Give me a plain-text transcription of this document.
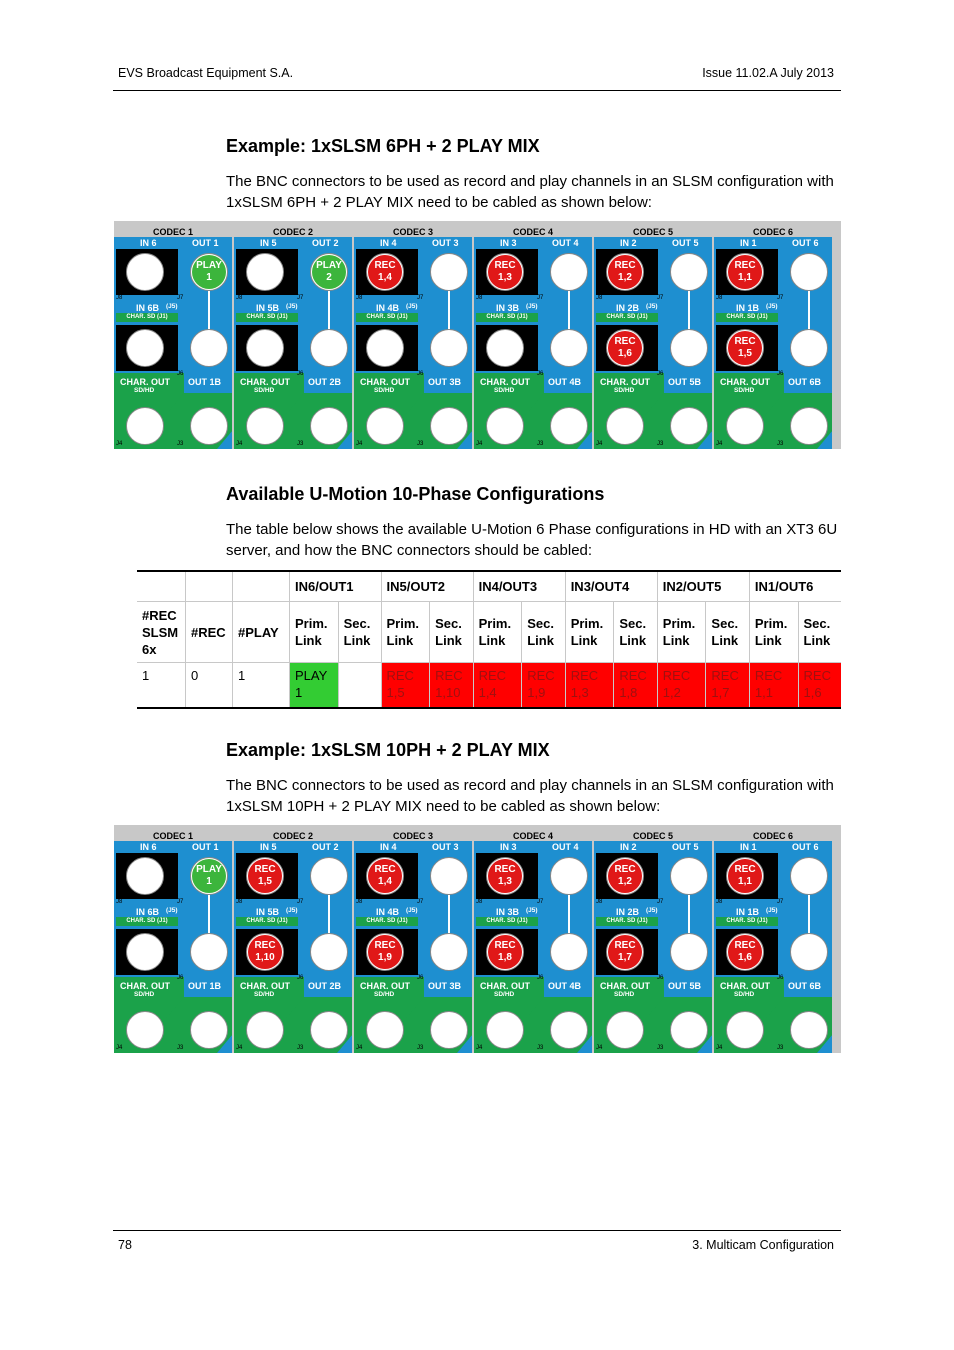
EVS Broadcast Equipment S.A.	Issue 11.02.A July 2013
Example: 1xSLSM 6PH + 2 PLAY MIX

The BNC connectors to be used as record and play channels in an SLSM configuration with 1xSLSM 6PH + 2 PLAY MIX need to be cabled as shown below:

CODEC 1
IN 6	OUT 1
J8	J7
IN 6B (J5)
CHAR. SD (J1)
J6
CHAR. OUT
SD/HD
OUT 1B
J4	J3
PLAY
1
CODEC 2
IN 5	OUT 2
J8	J7
IN 5B (J5)
CHAR. SD (J1)
J6
CHAR. OUT
SD/HD
OUT 2B
J4	J3
PLAY
2
CODEC 3
IN 4	OUT 3
J8	J7
IN 4B (J5)
CHAR. SD (J1)
J6
CHAR. OUT
SD/HD
OUT 3B
J4	J3
REC
1,4
CODEC 4
IN 3	OUT 4
J8	J7
IN 3B (J5)
CHAR. SD (J1)
J6
CHAR. OUT
SD/HD
OUT 4B
J4	J3
REC
1,3
CODEC 5
IN 2	OUT 5
J8	J7
IN 2B (J5)
CHAR. SD (J1)
J6
CHAR. OUT
SD/HD
OUT 5B
J4	J3
REC
1,2
REC
1,6
CODEC 6
IN 1	OUT 6
J8	J7
IN 1B (J5)
CHAR. SD (J1)
J6
CHAR. OUT
SD/HD
OUT 6B
J4	J3
REC
1,1
REC
1,5
Available U-Motion 10-Phase Configurations

The table below shows the available U-Motion 6 Phase configurations in HD with an XT3 6U server, and how the BNC connectors should be cabled:

			IN6/OUT1		IN5/OUT2		IN4/OUT3		IN3/OUT4		IN2/OUT5		IN1/OUT6	
#REC SLSM 6x	#REC	#PLAY	Prim. Link	Sec. Link	Prim. Link	Sec. Link	Prim. Link	Sec. Link	Prim. Link	Sec. Link	Prim. Link	Sec. Link	Prim. Link	Sec. Link
1	0	1	PLAY 1		REC 1,5	REC 1,10	REC 1,4	REC 1,9	REC 1,3	REC 1,8	REC 1,2	REC 1,7	REC 1,1	REC 1,6
Example: 1xSLSM 10PH + 2 PLAY MIX

The BNC connectors to be used as record and play channels in an SLSM configuration with 1xSLSM 10PH + 2 PLAY MIX need to be cabled as shown below:

CODEC 1
IN 6	OUT 1
J8	J7
IN 6B (J5)
CHAR. SD (J1)
J6
CHAR. OUT
SD/HD
OUT 1B
J4	J3
PLAY
1
CODEC 2
IN 5	OUT 2
J8	J7
IN 5B (J5)
CHAR. SD (J1)
J6
CHAR. OUT
SD/HD
OUT 2B
J4	J3
REC
1,5
REC
1,10
CODEC 3
IN 4	OUT 3
J8	J7
IN 4B (J5)
CHAR. SD (J1)
J6
CHAR. OUT
SD/HD
OUT 3B
J4	J3
REC
1,4
REC
1,9
CODEC 4
IN 3	OUT 4
J8	J7
IN 3B (J5)
CHAR. SD (J1)
J6
CHAR. OUT
SD/HD
OUT 4B
J4	J3
REC
1,3
REC
1,8
CODEC 5
IN 2	OUT 5
J8	J7
IN 2B (J5)
CHAR. SD (J1)
J6
CHAR. OUT
SD/HD
OUT 5B
J4	J3
REC
1,2
REC
1,7
CODEC 6
IN 1	OUT 6
J8	J7
IN 1B (J5)
CHAR. SD (J1)
J6
CHAR. OUT
SD/HD
OUT 6B
J4	J3
REC
1,1
REC
1,6
78	3. Multicam Configuration
